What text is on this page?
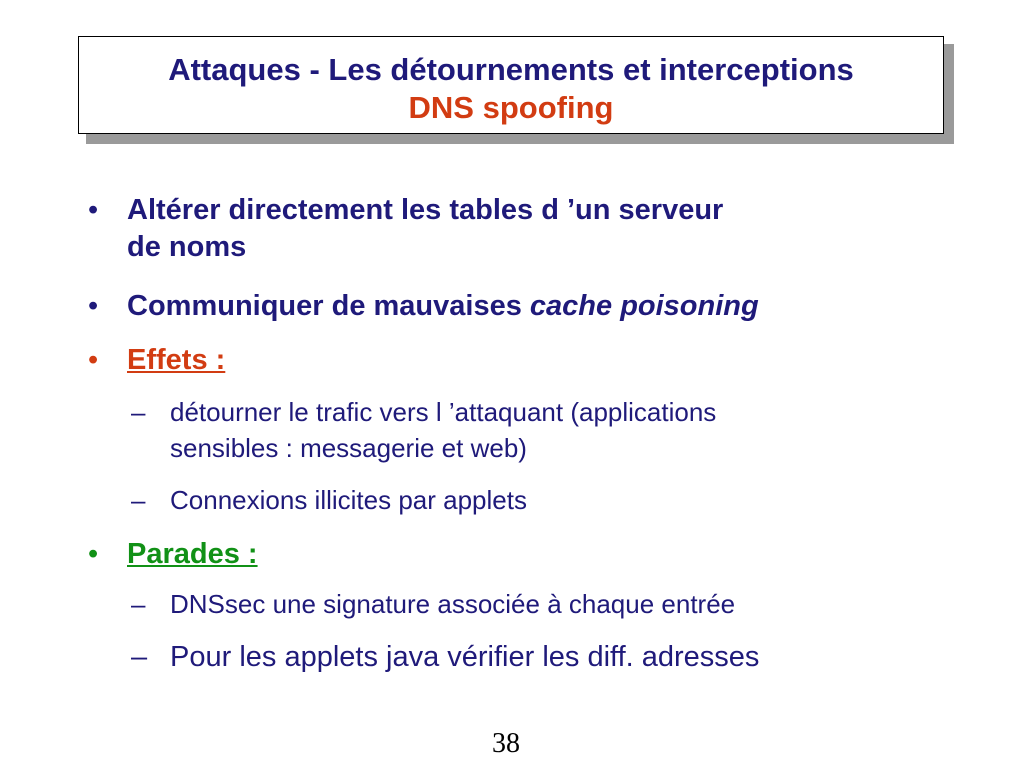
Attaques - Les détournements et interceptions
DNS spoofing
• Altérer directement les tables d ’un serveur
de noms
• Communiquer de mauvaises cache poisoning
• Effets :
– détourner le trafic vers l ’attaquant (applications
sensibles : messagerie et web)
– Connexions illicites par applets
• Parades :
– DNSsec une signature associée à chaque entrée
– Pour les applets java vérifier les diff. adresses
38
